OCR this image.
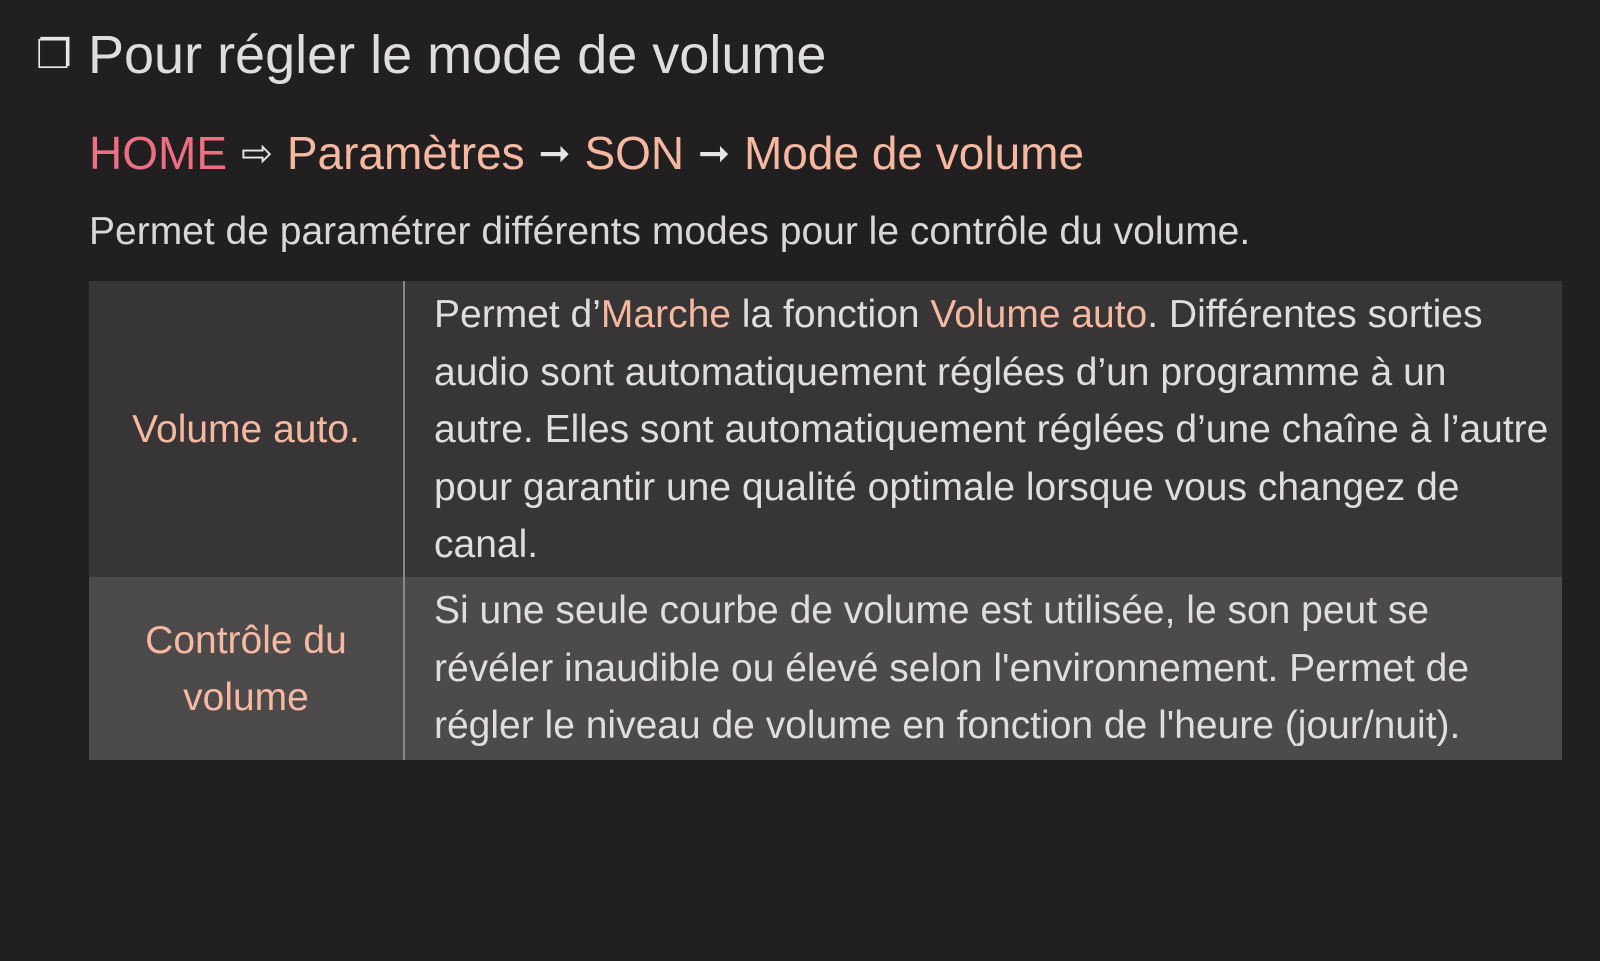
❐ Pour régler le mode de volume
HOME ⇨ Paramètres ➞ SON ➞ Mode de volume
Permet de paramétrer différents modes pour le contrôle du volume.
Volume auto.
Permet d’Marche la fonction Volume auto. Différentes sorties audio sont automatiquement réglées d’un programme à un autre. Elles sont automatiquement réglées d’une chaîne à l’autre pour garantir une qualité optimale lorsque vous changez de canal.
Contrôle du
volume
Si une seule courbe de volume est utilisée, le son peut se révéler inaudible ou élevé selon l'environnement. Permet de régler le niveau de volume en fonction de l'heure (jour/nuit).
